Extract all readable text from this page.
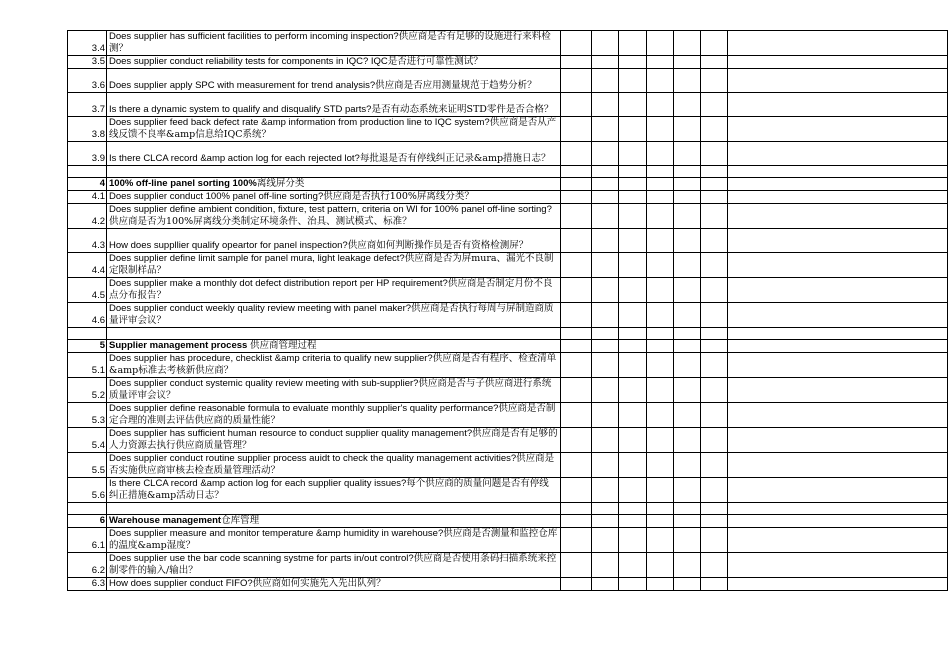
3.4	Does supplier has sufficient facilities to perform incoming inspection?供应商是否有足够的设施进行来料检测？							
3.5	Does supplier conduct reliability tests for components in IQC? IQC是否进行可靠性测试？							
3.6	Does supplier apply SPC with measurement for trend analysis?供应商是否应用测量规范于趋势分析？							
3.7	Is there a dynamic system to qualify and disqualify STD parts?是否有动态系统来证明STD零件是否合格？							
3.8	Does supplier feed back defect rate &amp information from production line to IQC system?供应商是否从产线反馈不良率&amp信息给IQC系统？							
3.9	Is there CLCA record &amp action log for each rejected lot?每批退是否有停线纠正记录&amp措施日志？							

4	100% off-line panel sorting 100%离线屏分类							
4.1	Does supplier conduct 100% panel off-line sorting?供应商是否执行100%屏离线分类？							
4.2	Does supplier define ambient condition, fixture, test pattern, criteria on WI for 100% panel off-line sorting?供应商是否为100%屏离线分类制定环境条件、治具、测试模式、标准？							
4.3	How does suppllier qualify opeartor for panel inspection?供应商如何判断操作员是否有资格检测屏？							
4.4	Does supplier define limit sample for panel mura, light leakage defect?供应商是否为屏mura、漏光不良制定限制样品？							
4.5	Does supplier make a monthly dot defect distribution report per HP requirement?供应商是否制定月份不良点分布报告？							
4.6	Does supplier conduct weekly quality review meeting with panel maker?供应商是否执行每周与屏制造商质量评审会议？							

5	Supplier management process 供应商管理过程							
5.1	Does supplier has procedure, checklist &amp criteria to qualify new supplier?供应商是否有程序、检查清单&amp标准去考核新供应商？							
5.2	Does supplier conduct systemic quality review meeting with sub-supplier?供应商是否与子供应商进行系统质量评审会议？							
5.3	Does supplier define reasonable formula to evaluate monthly supplier's quality performance?供应商是否制定合理的准则去评估供应商的质量性能？							
5.4	Does supplier has sufficient human resource to conduct supplier quality management?供应商是否有足够的人力资源去执行供应商质量管理？							
5.5	Does supplier conduct routine supplier process auidt to check the quality management activities?供应商是否实施供应商审核去检查质量管理活动？							
5.6	Is there CLCA record &amp action log for each supplier quality issues?每个供应商的质量问题是否有停线纠正措施&amp活动日志？							

6	Warehouse management仓库管理							
6.1	Does supplier measure and monitor temperature &amp humidity in warehouse?供应商是否测量和监控仓库的温度&amp湿度？							
6.2	Does supplier use the bar code scanning systme for parts in/out control?供应商是否使用条码扫描系统来控制零件的输入/输出？							
6.3	How does supplier conduct FIFO?供应商如何实施先入先出队列？							
